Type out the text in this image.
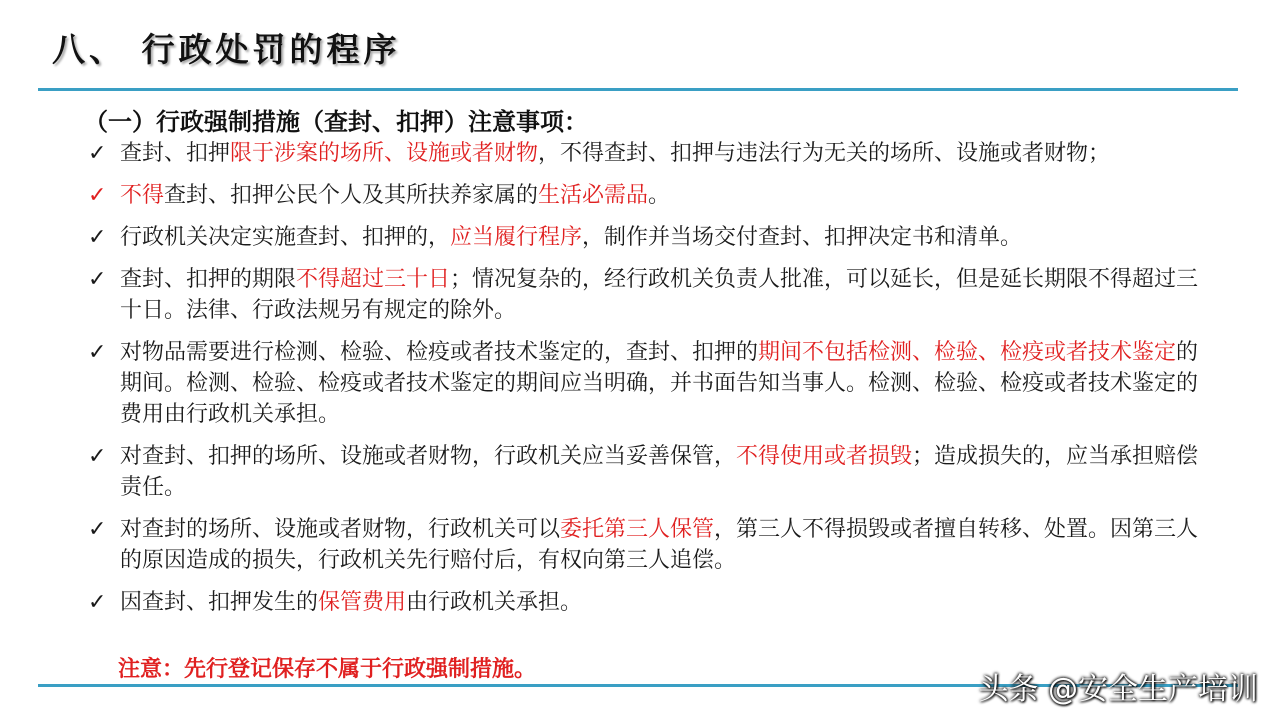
八、 行政处罚的程序
（一）行政强制措施（查封、扣押）注意事项：
✓ 查封、扣押限于涉案的场所、设施或者财物，不得查封、扣押与违法行为无关的场所、设施或者财物；
✓ 不得查封、扣押公民个人及其所扶养家属的生活必需品。
✓ 行政机关决定实施查封、扣押的，应当履行程序，制作并当场交付查封、扣押决定书和清单。
✓ 查封、扣押的期限不得超过三十日；情况复杂的，经行政机关负责人批准，可以延长，但是延长期限不得超过三十日。法律、行政法规另有规定的除外。
✓ 对物品需要进行检测、检验、检疫或者技术鉴定的，查封、扣押的期间不包括检测、检验、检疫或者技术鉴定的期间。检测、检验、检疫或者技术鉴定的期间应当明确，并书面告知当事人。检测、检验、检疫或者技术鉴定的费用由行政机关承担。
✓ 对查封、扣押的场所、设施或者财物，行政机关应当妥善保管，不得使用或者损毁；造成损失的，应当承担赔偿责任。
✓ 对查封的场所、设施或者财物，行政机关可以委托第三人保管，第三人不得损毁或者擅自转移、处置。因第三人的原因造成的损失，行政机关先行赔付后，有权向第三人追偿。
✓ 因查封、扣押发生的保管费用由行政机关承担。
注意：先行登记保存不属于行政强制措施。
头条 @安全生产培训
